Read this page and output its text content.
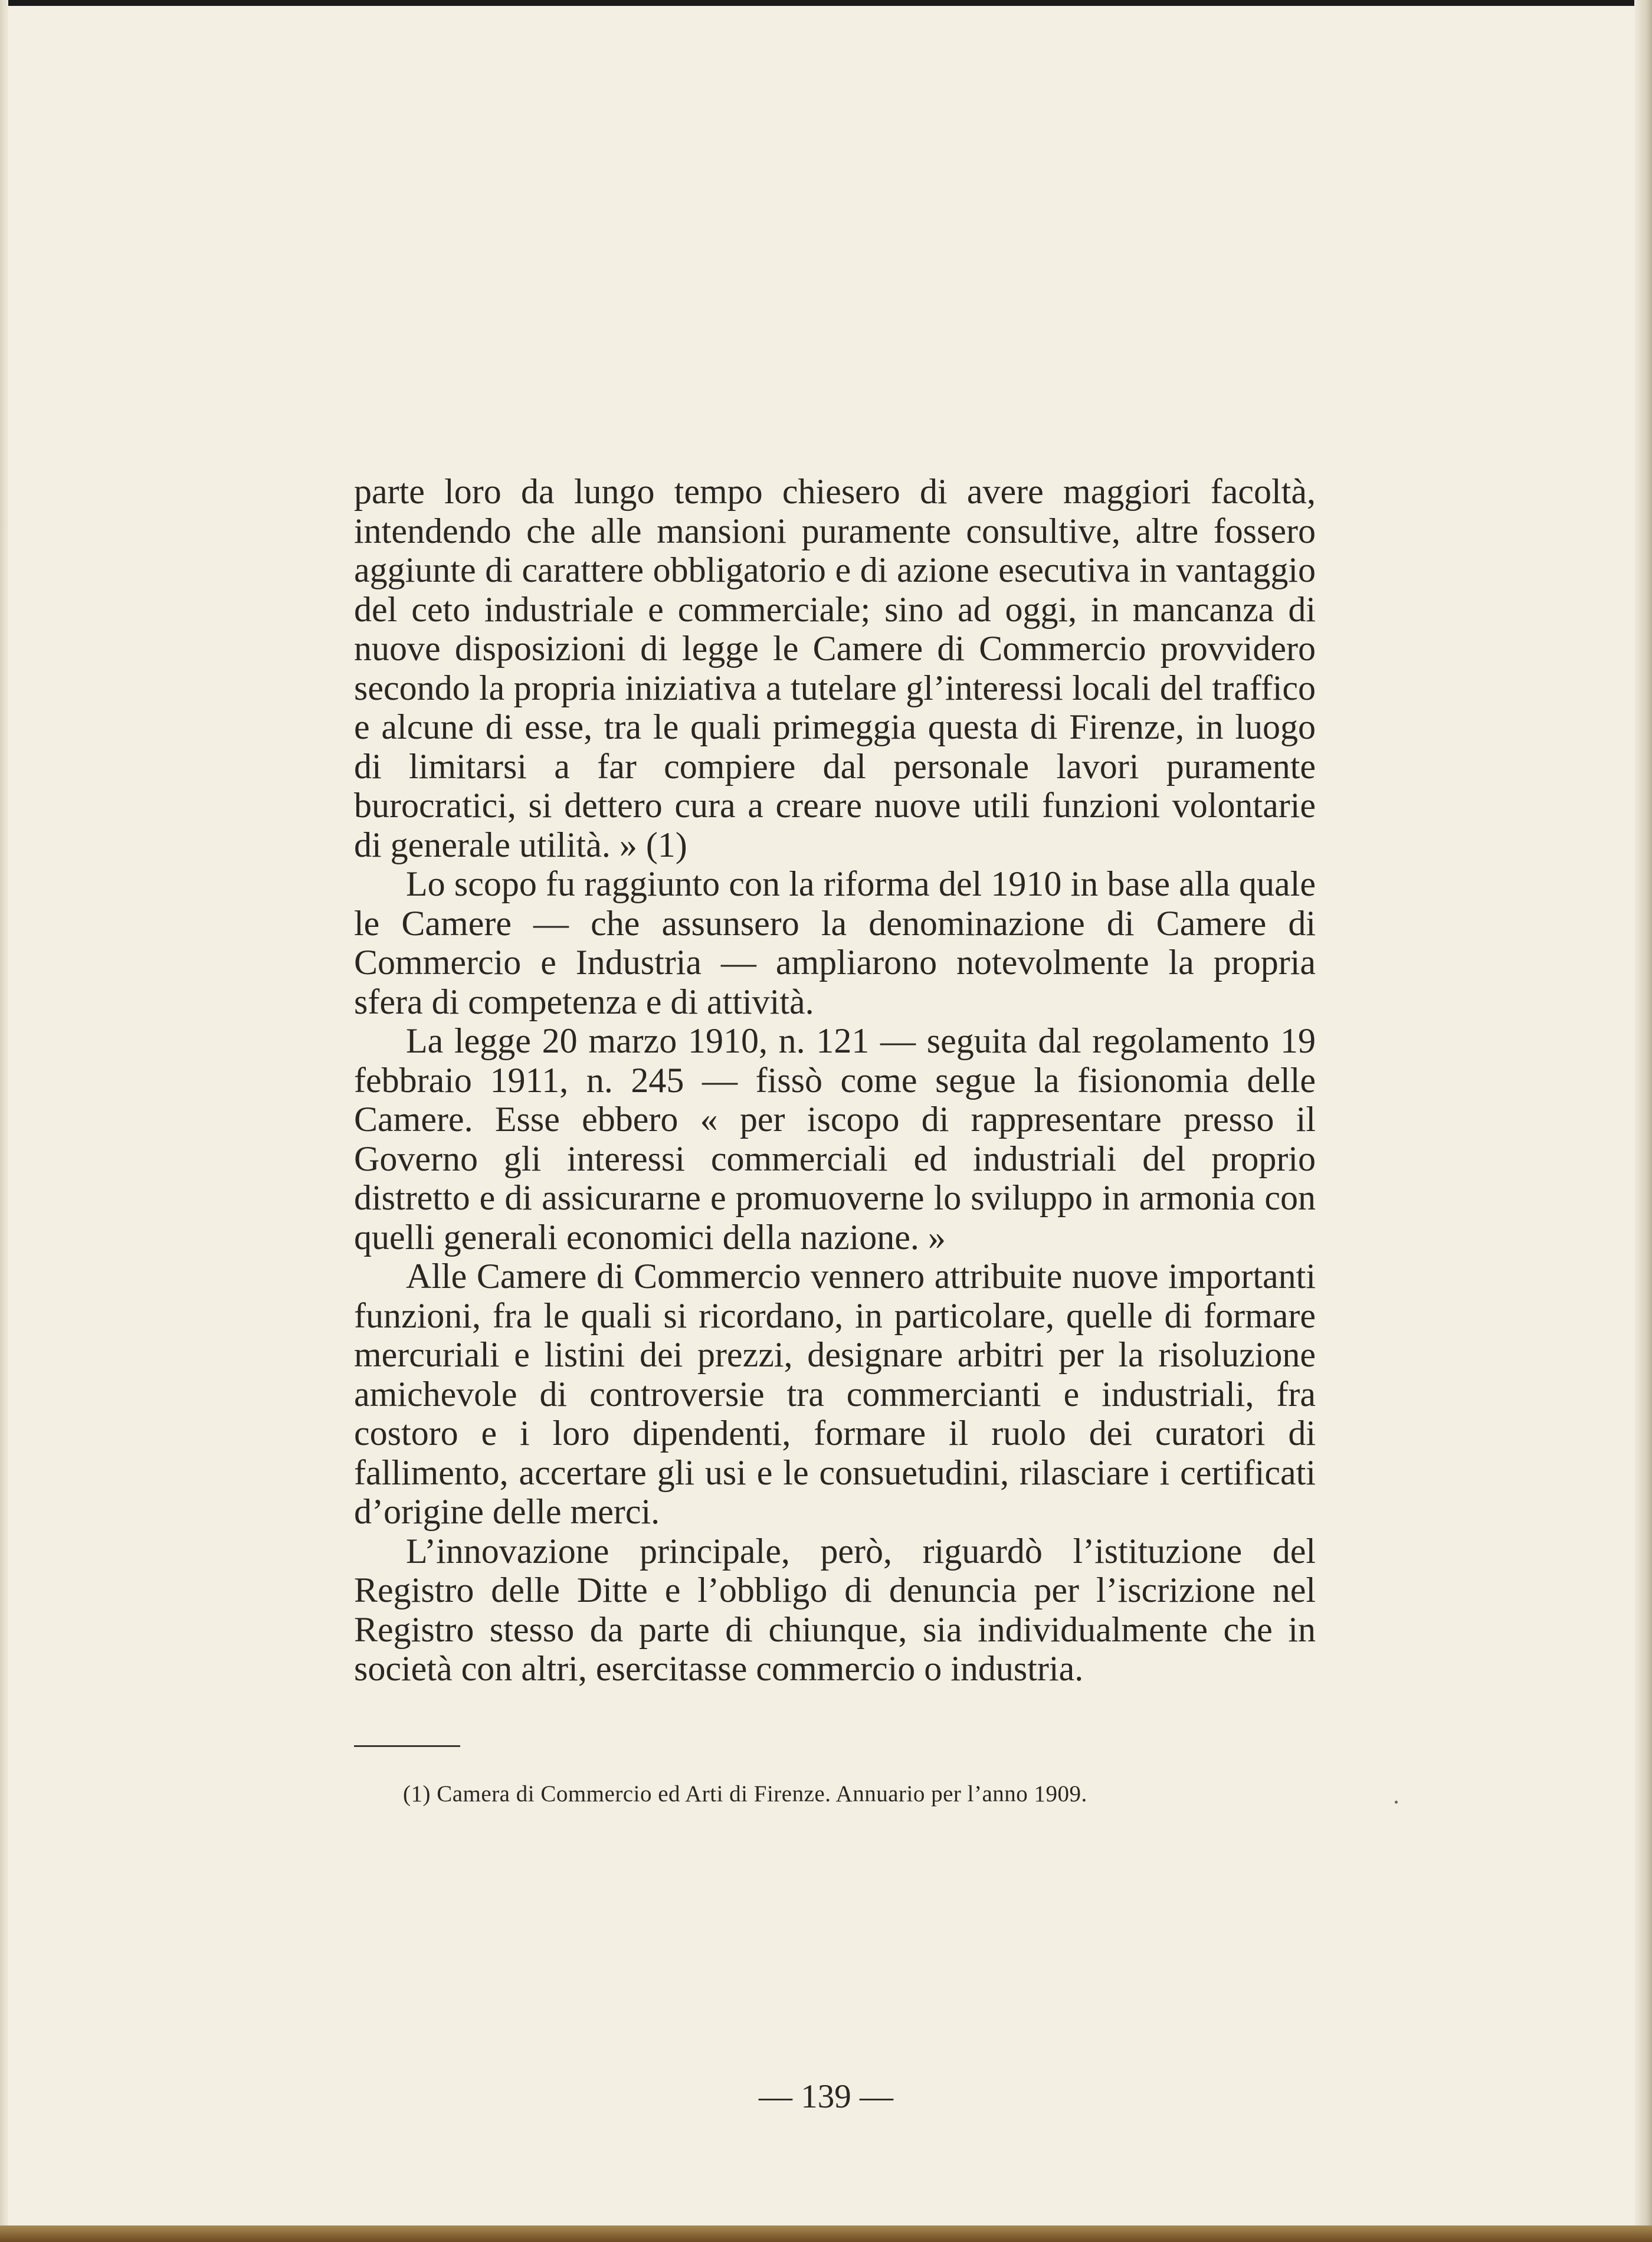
parte loro da lungo tempo chiesero di avere maggiori facoltà, intendendo che alle mansioni puramente consultive, altre fossero aggiunte di carattere obbligatorio e di azione esecutiva in vantaggio del ceto industriale e commerciale; sino ad oggi, in mancanza di nuove disposizioni di legge le Camere di Commercio provvidero secondo la propria iniziativa a tutelare gl’interessi locali del traffico e alcune di esse, tra le quali primeggia questa di Firenze, in luogo di limitarsi a far compiere dal personale lavori puramente burocratici, si dettero cura a creare nuove utili funzioni volontarie di generale utilità. » (1)

Lo scopo fu raggiunto con la riforma del 1910 in base alla quale le Camere — che assunsero la denominazione di Camere di Commercio e Industria — ampliarono notevolmente la propria sfera di competenza e di attività.

La legge 20 marzo 1910, n. 121 — seguita dal regolamento 19 febbraio 1911, n. 245 — fissò come segue la fisionomia delle Camere. Esse ebbero « per iscopo di rappresentare presso il Governo gli interessi commerciali ed industriali del proprio distretto e di assicurarne e promuoverne lo sviluppo in armonia con quelli generali economici della nazione. »

Alle Camere di Commercio vennero attribuite nuove importanti funzioni, fra le quali si ricordano, in particolare, quelle di formare mercuriali e listini dei prezzi, designare arbitri per la risoluzione amichevole di controversie tra commercianti e industriali, fra costoro e i loro dipendenti, formare il ruolo dei curatori di fallimento, accertare gli usi e le consuetudini, rilasciare i certificati d’origine delle merci.

L’innovazione principale, però, riguardò l’istituzione del Registro delle Ditte e l’obbligo di denuncia per l’iscrizione nel Registro stesso da parte di chiunque, sia individualmente che in società con altri, esercitasse commercio o industria.

(1) Camera di Commercio ed Arti di Firenze. Annuario per l’anno 1909.

— 139 —
